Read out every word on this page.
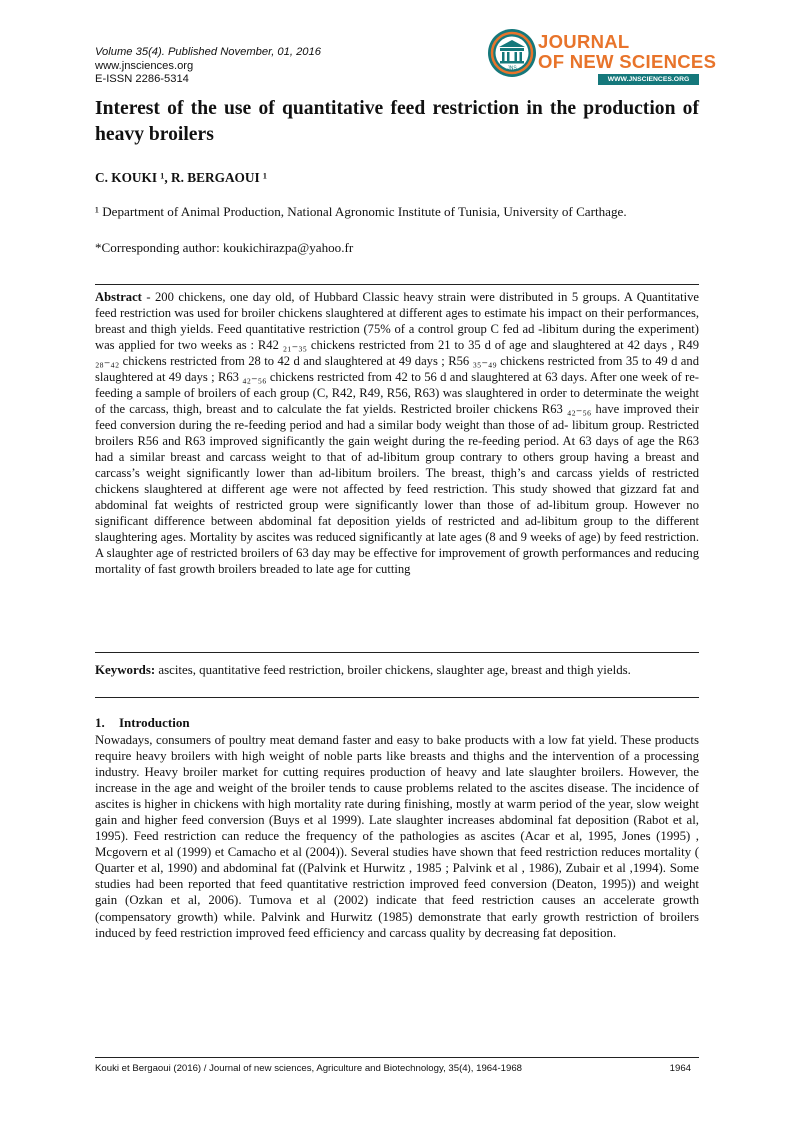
Volume 35(4). Published November, 01, 2016
www.jnsciences.org
E-ISSN 2286-5314
JNS
JOURNAL
OF NEW SCIENCES
WWW.JNSCIENCES.ORG
Interest of the use of quantitative feed restriction in the production of heavy broilers
C. KOUKI ¹, R. BERGAOUI ¹
¹ Department of Animal Production, National Agronomic Institute of Tunisia, University of Carthage.
*Corresponding author: koukichirazpa@yahoo.fr

Abstract - 200 chickens, one day old, of Hubbard Classic heavy strain were distributed in 5 groups. A Quantitative feed restriction was used for broiler chickens slaughtered at different ages to estimate his impact on their performances, breast and thigh yields. Feed quantitative restriction (75% of a control group C fed ad -libitum during the experiment) was applied for two weeks as : R42 ₂₁₋₃₅ chickens restricted from 21 to 35 d of age and slaughtered at 42 days , R49 ₂₈₋₄₂ chickens restricted from 28 to 42 d and slaughtered at 49 days ; R56 ₃₅₋₄₉ chickens restricted from 35 to 49 d and slaughtered at 49 days ; R63 ₄₂₋₅₆ chickens restricted from 42 to 56 d and slaughtered at 63 days. After one week of re-feeding a sample of broilers of each group (C, R42, R49, R56, R63) was slaughtered in order to determinate the weight of the carcass, thigh, breast and to calculate the fat yields. Restricted broiler chickens R63 ₄₂₋₅₆ have improved their feed conversion during the re-feeding period and had a similar body weight than those of ad- libitum group. Restricted broilers R56 and R63 improved significantly the gain weight during the re-feeding period. At 63 days of age the R63 had a similar breast and carcass weight to that of ad-libitum group contrary to others group having a breast and carcass’s weight significantly lower than ad-libitum broilers. The breast, thigh’s and carcass yields of restricted chickens slaughtered at different age were not affected by feed restriction. This study showed that gizzard fat and abdominal fat weights of restricted group were significantly lower than those of ad-libitum group. However no significant difference between abdominal fat deposition yields of restricted and ad-libitum group to the different slaughtering ages. Mortality by ascites was reduced significantly at late ages (8 and 9 weeks of age) by feed restriction. A slaughter age of restricted broilers of 63 day may be effective for improvement of growth performances and reducing mortality of fast growth broilers breaded to late age for cutting

Keywords: ascites, quantitative feed restriction, broiler chickens, slaughter age, breast and thigh yields.

1. Introduction

Nowadays, consumers of poultry meat demand faster and easy to bake products with a low fat yield. These products require heavy broilers with high weight of noble parts like breasts and thighs and the intervention of a processing industry. Heavy broiler market for cutting requires production of heavy and late slaughter broilers. However, the increase in the age and weight of the broiler tends to cause problems related to the ascites disease. The incidence of ascites is higher in chickens with high mortality rate during finishing, mostly at warm period of the year, slow weight gain and higher feed conversion (Buys et al 1999). Late slaughter increases abdominal fat deposition (Rabot et al, 1995). Feed restriction can reduce the frequency of the pathologies as ascites (Acar et al, 1995, Jones (1995) , Mcgovern et al (1999) et Camacho et al (2004)). Several studies have shown that feed restriction reduces mortality ( Quarter et al, 1990) and abdominal fat ((Palvink et Hurwitz , 1985 ; Palvink et al , 1986), Zubair et al ,1994). Some studies had been reported that feed quantitative restriction improved feed conversion (Deaton, 1995)) and weight gain (Ozkan et al, 2006). Tumova et al (2002) indicate that feed restriction causes an accelerate growth (compensatory growth) while. Palvink and Hurwitz (1985) demonstrate that early growth restriction of broilers induced by feed restriction improved feed efficiency and carcass quality by decreasing fat deposition.

Kouki et Bergaoui (2016) / Journal of new sciences, Agriculture and Biotechnology, 35(4), 1964-1968	1964
